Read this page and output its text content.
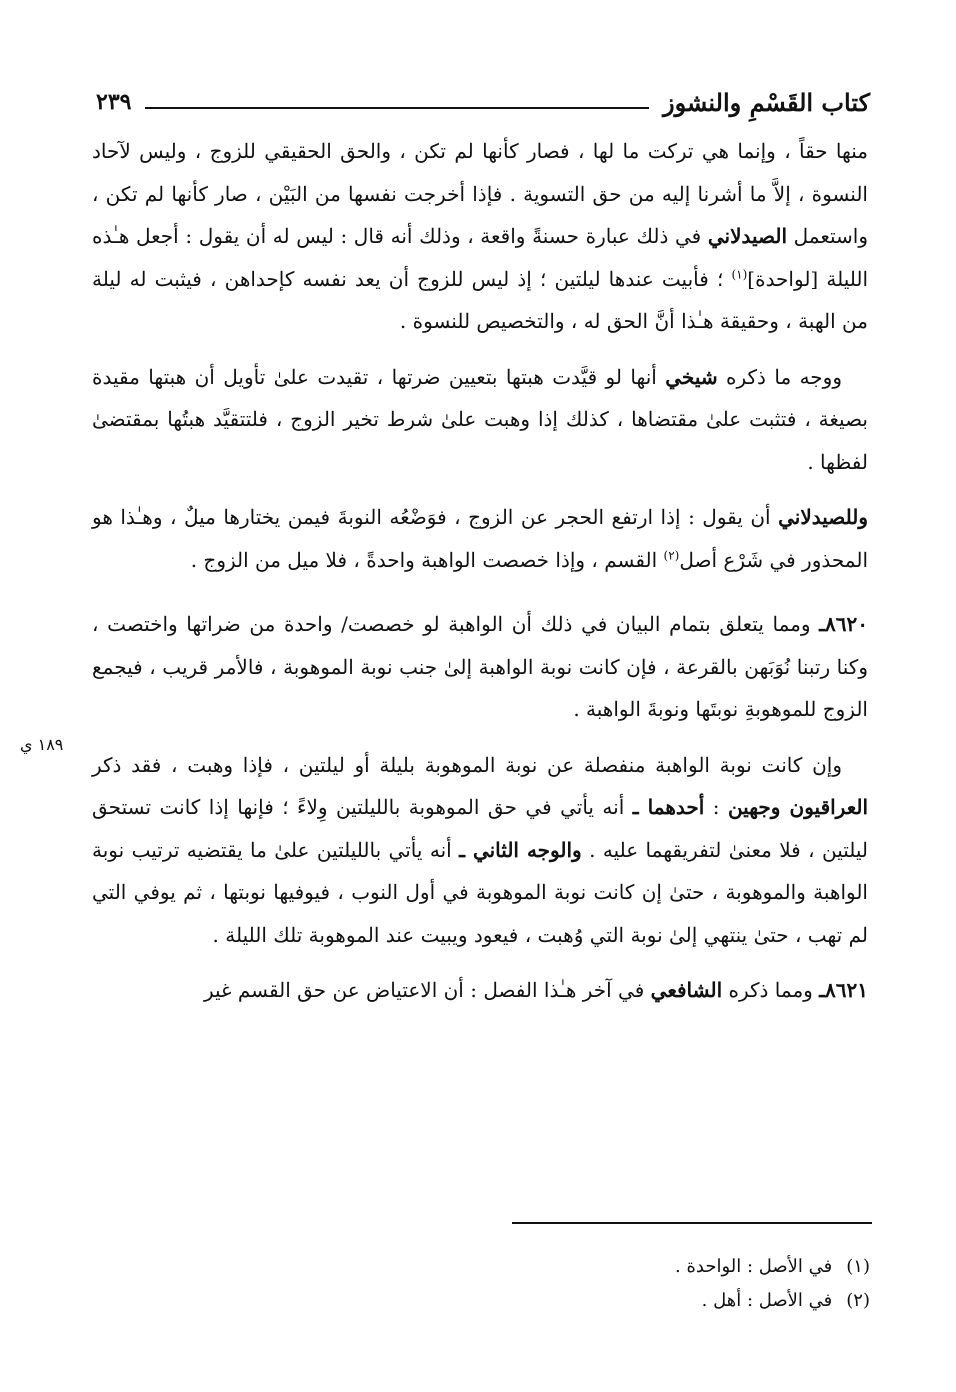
كتاب القَسْمِ والنشوز
٢٣٩
١٨٩ ي

منها حقاً ، وإنما هي تركت ما لها ، فصار كأنها لم تكن ، والحق الحقيقي للزوج ، وليس لآحاد النسوة ، إلاَّ ما أشرنا إليه من حق التسوية . فإذا أخرجت نفسها من البَيْن ، صار كأنها لم تكن ، واستعمل الصيدلاني في ذلك عبارة حسنةً واقعة ، وذلك أنه قال : ليس له أن يقول : أجعل هـٰذه الليلة [لواحدة]$^{(١)}$ ؛ فأبيت عندها ليلتين ؛ إذ ليس للزوج أن يعد نفسه كإحداهن ، فيثبت له ليلة من الهبة ، وحقيقة هـٰذا أنَّ الحق له ، والتخصيص للنسوة .

ووجه ما ذكره شيخي أنها لو قيَّدت هبتها بتعيين ضرتها ، تقيدت علىٰ تأويل أن هبتها مقيدة بصيغة ، فتثبت علىٰ مقتضاها ، كذلك إذا وهبت علىٰ شرط تخير الزوج ، فلتتقيَّد هبتُها بمقتضىٰ لفظها .

وللصيدلاني أن يقول : إذا ارتفع الحجر عن الزوج ، فوَضْعُه النوبةَ فيمن يختارها ميلٌ ، وهـٰذا هو المحذور في شَرْع أصل$^{(٢)}$ القسم ، وإذا خصصت الواهبة واحدةً ، فلا ميل من الزوج .

٨٦٢٠ـ ومما يتعلق بتمام البيان في ذلك أن الواهبة لو خصصت/ واحدة من ضراتها واختصت ، وكنا رتبنا نُوَبَهن بالقرعة ، فإن كانت نوبة الواهبة إلىٰ جنب نوبة الموهوبة ، فالأمر قريب ، فيجمع الزوج للموهوبةِ نوبتَها ونوبةَ الواهبة .

وإن كانت نوبة الواهبة منفصلة عن نوبة الموهوبة بليلة أو ليلتين ، فإذا وهبت ، فقد ذكر العراقيون وجهين : أحدهما ـ أنه يأتي في حق الموهوبة بالليلتين وِلاءً ؛ فإنها إذا كانت تستحق ليلتين ، فلا معنىٰ لتفريقهما عليه . والوجه الثاني ـ أنه يأتي بالليلتين علىٰ ما يقتضيه ترتيب نوبة الواهبة والموهوبة ، حتىٰ إن كانت نوبة الموهوبة في أول النوب ، فيوفيها نوبتها ، ثم يوفي التي لم تهب ، حتىٰ ينتهي إلىٰ نوبة التي وُهبت ، فيعود ويبيت عند الموهوبة تلك الليلة .

٨٦٢١ـ ومما ذكره الشافعي في آخر هـٰذا الفصل : أن الاعتياض عن حق القسم غير

(١)
في الأصل : الواحدة .
(٢)
في الأصل : أهل .
